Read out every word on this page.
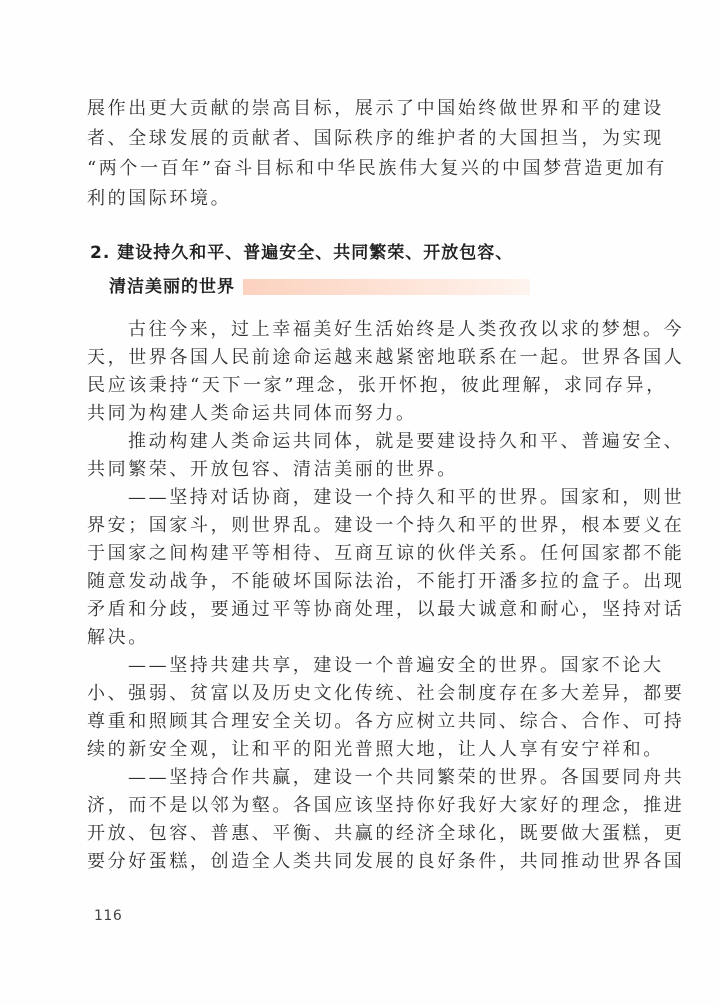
展作出更大贡献的崇高目标，展示了中国始终做世界和平的建设
者、全球发展的贡献者、国际秩序的维护者的大国担当，为实现
“两个一百年”奋斗目标和中华民族伟大复兴的中国梦营造更加有
利的国际环境。
2. 建设持久和平、普遍安全、共同繁荣、开放包容、
清洁美丽的世界
古往今来，过上幸福美好生活始终是人类孜孜以求的梦想。今
天，世界各国人民前途命运越来越紧密地联系在一起。世界各国人
民应该秉持“天下一家”理念，张开怀抱，彼此理解，求同存异，
共同为构建人类命运共同体而努力。
推动构建人类命运共同体，就是要建设持久和平、普遍安全、
共同繁荣、开放包容、清洁美丽的世界。
——坚持对话协商，建设一个持久和平的世界。国家和，则世
界安；国家斗，则世界乱。建设一个持久和平的世界，根本要义在
于国家之间构建平等相待、互商互谅的伙伴关系。任何国家都不能
随意发动战争，不能破坏国际法治，不能打开潘多拉的盒子。出现
矛盾和分歧，要通过平等协商处理，以最大诚意和耐心，坚持对话
解决。
——坚持共建共享，建设一个普遍安全的世界。国家不论大
小、强弱、贫富以及历史文化传统、社会制度存在多大差异，都要
尊重和照顾其合理安全关切。各方应树立共同、综合、合作、可持
续的新安全观，让和平的阳光普照大地，让人人享有安宁祥和。
——坚持合作共赢，建设一个共同繁荣的世界。各国要同舟共
济，而不是以邻为壑。各国应该坚持你好我好大家好的理念，推进
开放、包容、普惠、平衡、共赢的经济全球化，既要做大蛋糕，更
要分好蛋糕，创造全人类共同发展的良好条件，共同推动世界各国
116
